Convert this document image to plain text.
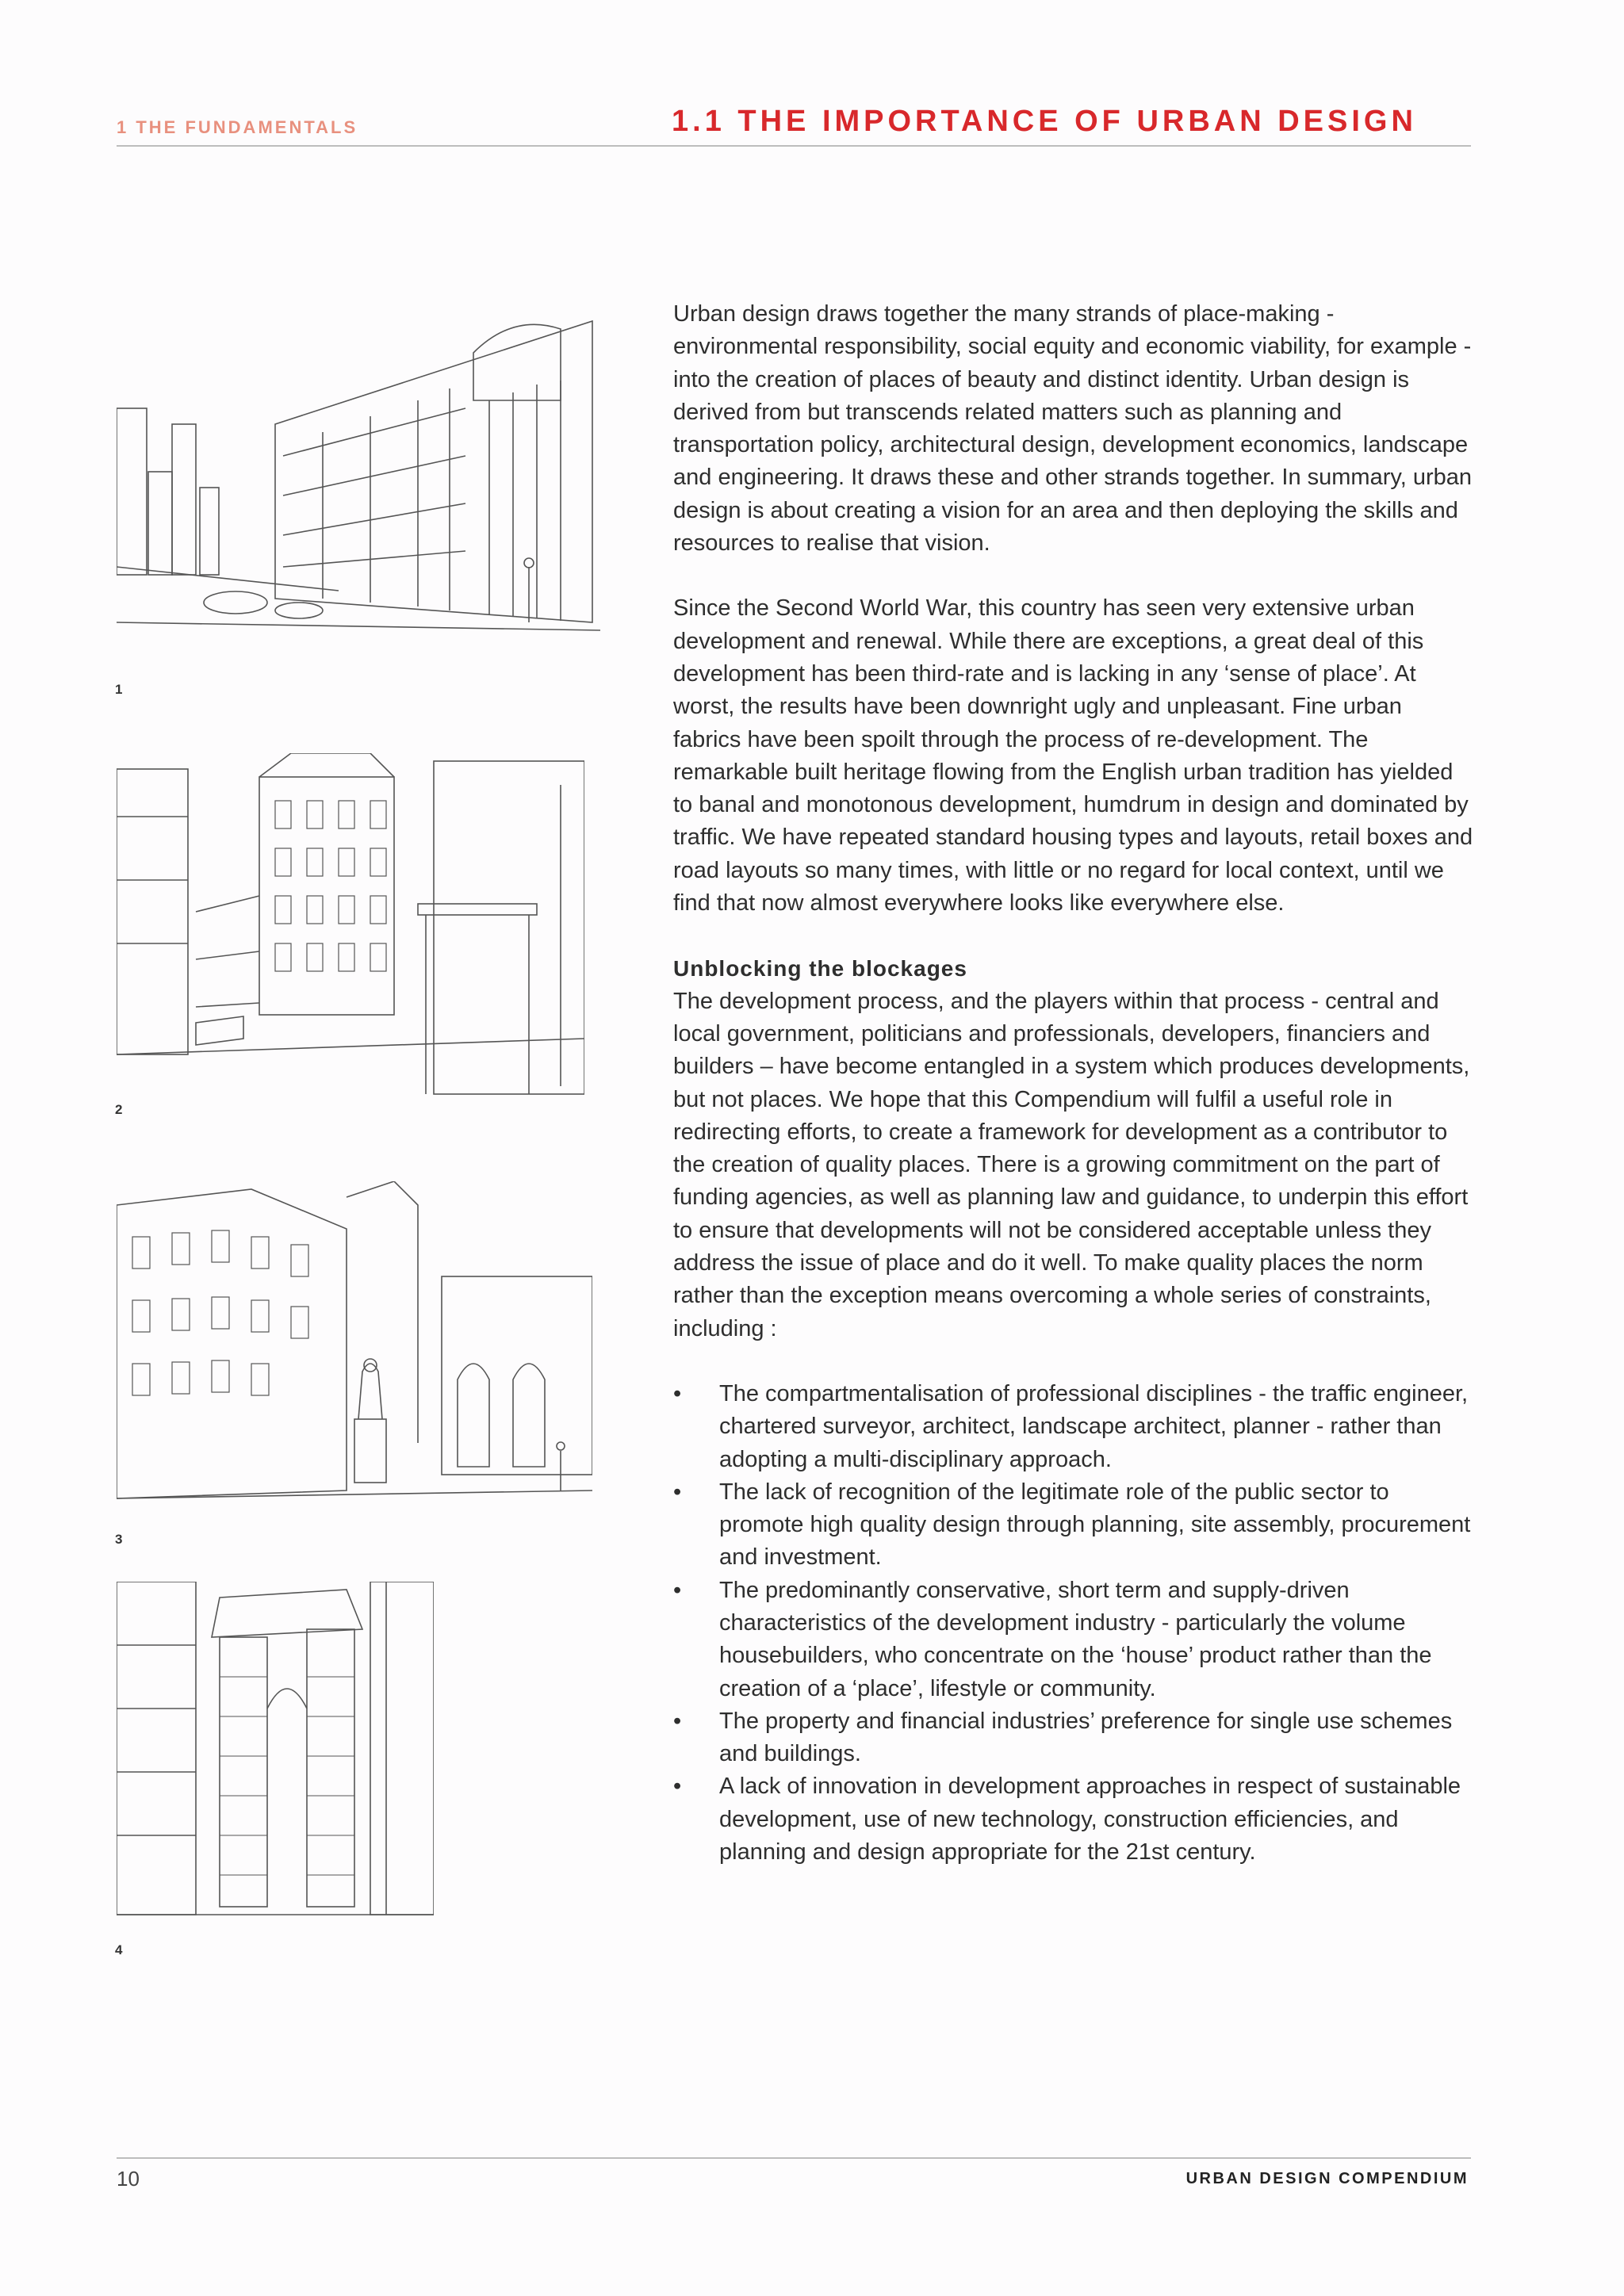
1 THE FUNDAMENTALS	1.1 THE IMPORTANCE OF URBAN DESIGN
1
2
3
4

Urban design draws together the many strands of place-making - environmental responsibility, social equity and economic viability, for example - into the creation of places of beauty and distinct identity. Urban design is derived from but transcends related matters such as planning and transportation policy, architectural design, development economics, landscape and engineering. It draws these and other strands together. In summary, urban design is about creating a vision for an area and then deploying the skills and resources to realise that vision.

Since the Second World War, this country has seen very extensive urban development and renewal. While there are exceptions, a great deal of this development has been third-rate and is lacking in any ‘sense of place’. At worst, the results have been downright ugly and unpleasant. Fine urban fabrics have been spoilt through the process of re-development. The remarkable built heritage flowing from the English urban tradition has yielded to banal and monotonous development, humdrum in design and dominated by traffic. We have repeated standard housing types and layouts, retail boxes and road layouts so many times, with little or no regard for local context, until we find that now almost everywhere looks like everywhere else.

Unblocking the blockages

The development process, and the players within that process - central and local government, politicians and professionals, developers, financiers and builders – have become entangled in a system which produces developments, but not places. We hope that this Compendium will fulfil a useful role in redirecting efforts, to create a framework for development as a contributor to the creation of quality places. There is a growing commitment on the part of funding agencies, as well as planning law and guidance, to underpin this effort to ensure that developments will not be considered acceptable unless they address the issue of place and do it well. To make quality places the norm rather than the exception means overcoming a whole series of constraints, including :

•	The compartmentalisation of professional disciplines - the traffic engineer, chartered surveyor, architect, landscape architect, planner - rather than adopting a multi-disciplinary approach.
•	The lack of recognition of the legitimate role of the public sector to promote high quality design through planning, site assembly, procurement and investment.
•	The predominantly conservative, short term and supply-driven characteristics of the development industry - particularly the volume housebuilders, who concentrate on the ‘house’ product rather than the creation of a ‘place’, lifestyle or community.
•	The property and financial industries’ preference for single use schemes and buildings.
•	A lack of innovation in development approaches in respect of sustainable development, use of new technology, construction efficiencies, and planning and design appropriate for the 21st century.
10	URBAN DESIGN COMPENDIUM
